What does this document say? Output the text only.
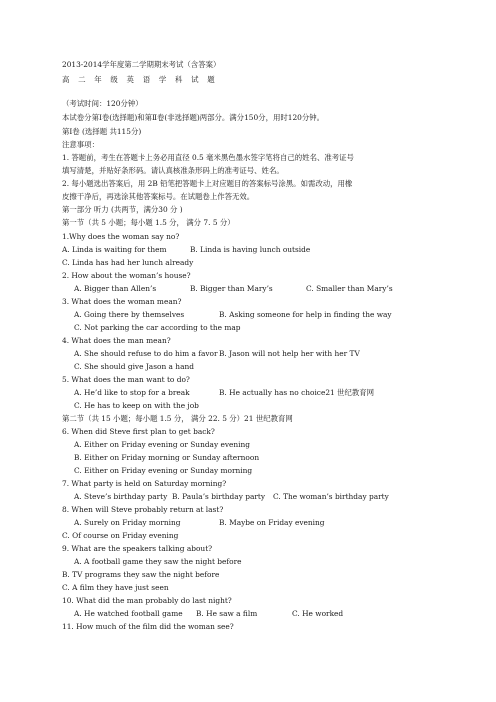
2013-2014学年度第二学期期末考试（含答案）
高 二 年 级 英 语 学 科 试 题
（考试时间：120分钟）
本试卷分第Ⅰ卷(选择题)和第Ⅱ卷(非选择题)两部分。满分150分，用时120分钟。
第Ⅰ卷 (选择题 共115分)
注意事项：
1. 答题前，考生在答题卡上务必用直径 0.5 毫米黑色墨水签字笔将自己的姓名、准考证号
填写清楚，并贴好条形码。请认真核准条形码上的准考证号、姓名。
2. 每小题选出答案后，用 2B 铅笔把答题卡上对应题目的答案标号涂黑。如需改动，用橡
皮擦干净后，再选涂其他答案标号。在试题卷上作答无效。
第一部分 听力 (共两节，满分30 分 )
第一节（共 5 小题；每小题 1.5 分， 满分 7. 5 分）
1.Why does the woman say no?
A. Linda is waiting for them	B. Linda is having lunch outside
C. Linda has had her lunch already
2. How about the woman’s house?
A. Bigger than Allen’s	B. Bigger than Mary’s	C. Smaller than Mary’s
3. What does the woman mean?
A. Going there by themselves	B. Asking someone for help in finding the way
C. Not parking the car according to the map
4. What does the man mean?
A. She should refuse to do him a favor B. Jason will not help her with her TV
C. She should give Jason a hand
5. What does the man want to do?
A. He’d like to stop for a break	B. He actually has no choice21 世纪教育网
C. He has to keep on with the job
第二节（共 15 小题；每小题 1.5 分， 满分 22. 5 分）21 世纪教育网
6. When did Steve first plan to get back?
A. Either on Friday evening or Sunday evening
B. Either on Friday morning or Sunday afternoon
C. Either on Friday evening or Sunday morning
7. What party is held on Saturday morning?
A. Steve’s birthday party B. Paula’s birthday party C. The woman’s birthday party
8. When will Steve probably return at last?
A. Surely on Friday morning	B. Maybe on Friday evening
C. Of course on Friday evening
9. What are the speakers talking about?
A. A football game they saw the night before
B. TV programs they saw the night before
C. A film they have just seen
10. What did the man probably do last night?
A. He watched football game B. He saw a film	C. He worked
11. How much of the film did the woman see?
